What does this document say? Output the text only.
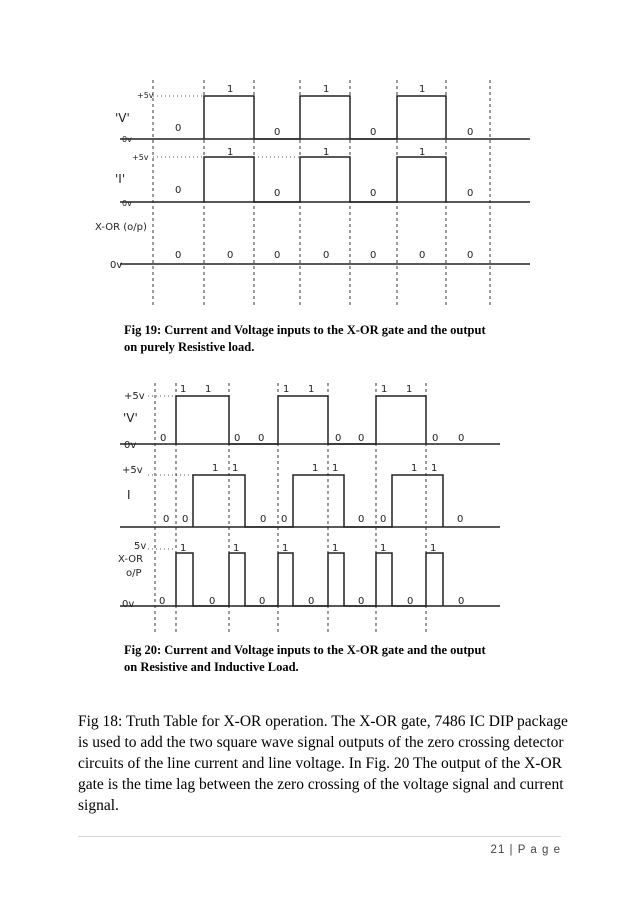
+5v
'V'
0v
+5v
'I'
0v
X-OR (o/p)
0v
1	1	1
0	0	0	0
1	1	1
0	0	0	0
0	0	0	0	0	0	0
+5v
'V'
0v
+5v
I
5v
X-OR
o/P
0v
1 1	1 1	1 1
0	0 0	0 0	0 0
1 1	1 1	1 1
0 0	0 0	0 0	0
1	1	1	1	1	1
0	0	0	0	0	0	0

Fig 19: Current and Voltage inputs to the X-OR gate and the output
on purely Resistive load.

Fig 20: Current and Voltage inputs to the X-OR gate and the output
on Resistive and Inductive Load.

Fig 18: Truth Table for X-OR operation. The X-OR gate, 7486 IC DIP package
is used to add the two square wave signal outputs of the zero crossing detector
circuits of the line current and line voltage. In Fig. 20 The output of the X-OR
gate is the time lag between the zero crossing of the voltage signal and current
signal.

21 | P a g e
